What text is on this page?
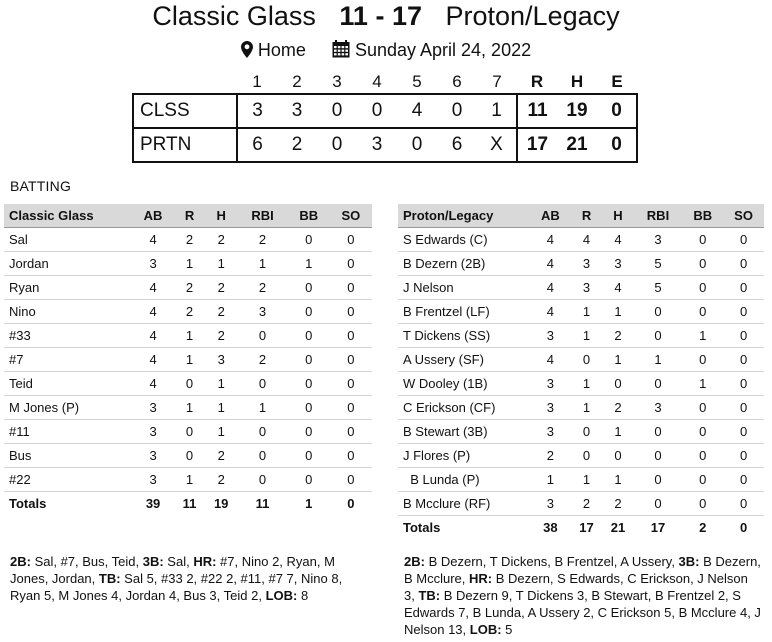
Classic Glass 11 - 17 Proton/Legacy
Home	Sunday April 24, 2022
	1	2	3	4	5	6	7	R	H	E
CLSS	3	3	0	0	4	0	1	11	19	0
PRTN	6	2	0	3	0	6	X	17	21	0
BATTING
Classic Glass	AB	R	H	RBI	BB	SO
Sal	4	2	2	2	0	0
Jordan	3	1	1	1	1	0
Ryan	4	2	2	2	0	0
Nino	4	2	2	3	0	0
#33	4	1	2	0	0	0
#7	4	1	3	2	0	0
Teid	4	0	1	0	0	0
M Jones (P)	3	1	1	1	0	0
#11	3	0	1	0	0	0
Bus	3	0	2	0	0	0
#22	3	1	2	0	0	0
Totals	39	11	19	11	1	0
Proton/Legacy	AB	R	H	RBI	BB	SO
S Edwards (C)	4	4	4	3	0	0
B Dezern (2B)	4	3	3	5	0	0
J Nelson	4	3	4	5	0	0
B Frentzel (LF)	4	1	1	0	0	0
T Dickens (SS)	3	1	2	0	1	0
A Ussery (SF)	4	0	1	1	0	0
W Dooley (1B)	3	1	0	0	1	0
C Erickson (CF)	3	1	2	3	0	0
B Stewart (3B)	3	0	1	0	0	0
J Flores (P)	2	0	0	0	0	0
B Lunda (P)	1	1	1	0	0	0
B Mcclure (RF)	3	2	2	0	0	0
Totals	38	17	21	17	2	0
2B: Sal, #7, Bus, Teid, 3B: Sal, HR: #7, Nino 2, Ryan, M Jones, Jordan, TB: Sal 5, #33 2, #22 2, #11, #7 7, Nino 8, Ryan 5, M Jones 4, Jordan 4, Bus 3, Teid 2, LOB: 8
2B: B Dezern, T Dickens, B Frentzel, A Ussery, 3B: B Dezern, B Mcclure, HR: B Dezern, S Edwards, C Erickson, J Nelson 3, TB: B Dezern 9, T Dickens 3, B Stewart, B Frentzel 2, S Edwards 7, B Lunda, A Ussery 2, C Erickson 5, B Mcclure 4, J Nelson 13, LOB: 5
